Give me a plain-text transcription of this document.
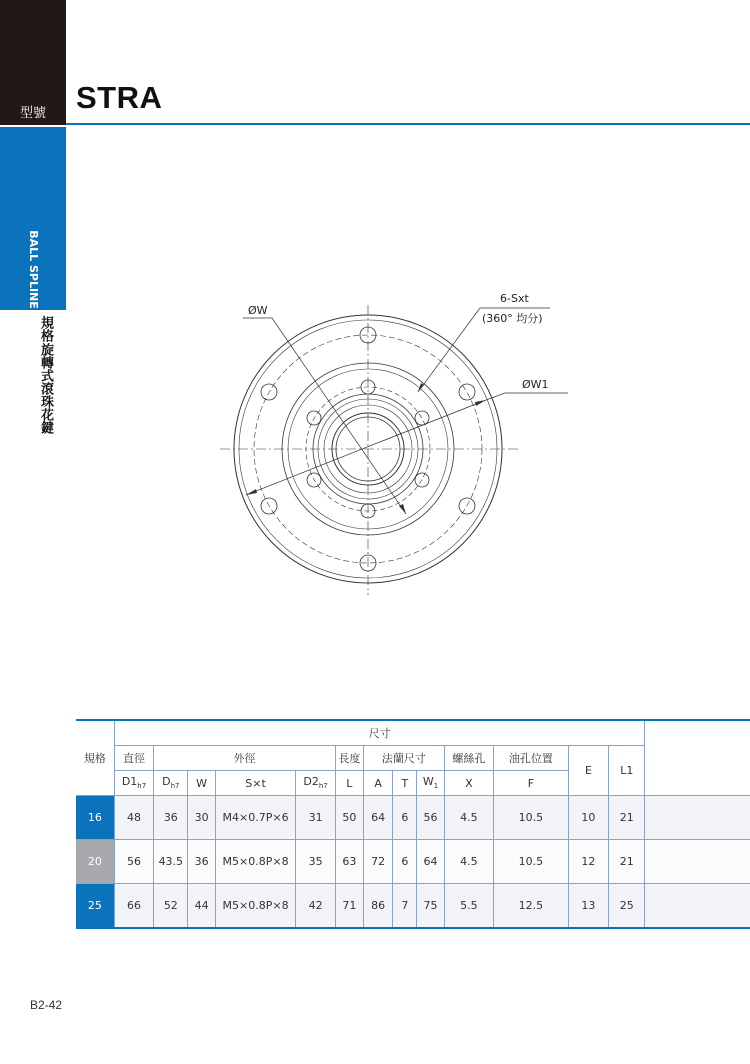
型號 STRA
BALL SPLINE
規格旋轉式滾珠花鍵
ØW
6-Sxt
(360° 均分)
ØW1
規格	尺寸													
	直徑	外徑				長度	法蘭尺寸			螺絲孔	油孔位置	E	L1	
	$D1_{h7}$	$D_{h7}$	W	S×t	$D2_{h7}$	L	A	T	$W_1$	X	F			
16	48	36	30	M4×0.7P×6	31	50	64	6	56	4.5	10.5	10	21	
20	56	43.5	36	M5×0.8P×8	35	63	72	6	64	4.5	10.5	12	21	
25	66	52	44	M5×0.8P×8	42	71	86	7	75	5.5	12.5	13	25	
B2-42
